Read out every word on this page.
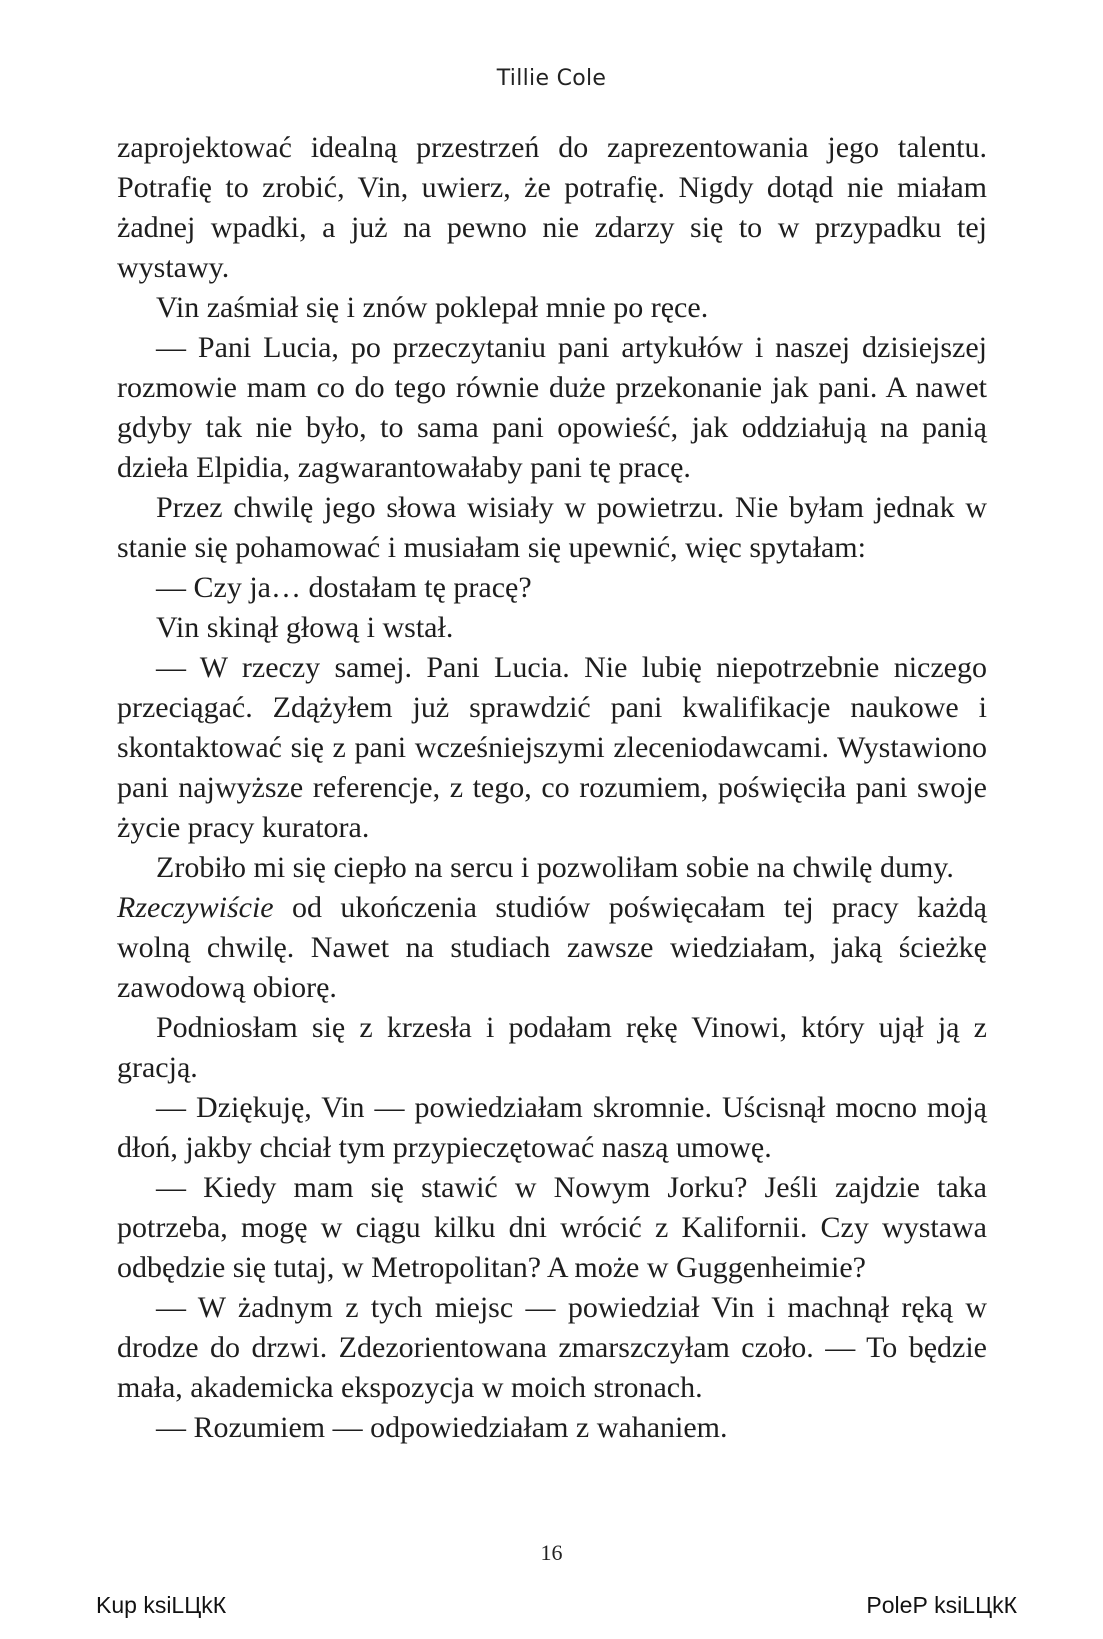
Tillie Cole

zaprojektować idealną przestrzeń do zaprezentowania jego talentu. Potrafię to zrobić, Vin, uwierz, że potrafię. Nigdy dotąd nie miałam żadnej wpadki, a już na pewno nie zdarzy się to w przypadku tej wystawy.

Vin zaśmiał się i znów poklepał mnie po ręce.

— Pani Lucia, po przeczytaniu pani artykułów i naszej dzisiejszej rozmowie mam co do tego równie duże przekonanie jak pani. A nawet gdyby tak nie było, to sama pani opowieść, jak oddziałują na panią dzieła Elpidia, zagwarantowałaby pani tę pracę.

Przez chwilę jego słowa wisiały w powietrzu. Nie byłam jednak w stanie się pohamować i musiałam się upewnić, więc spytałam:

— Czy ja… dostałam tę pracę?

Vin skinął głową i wstał.

— W rzeczy samej. Pani Lucia. Nie lubię niepotrzebnie niczego przeciągać. Zdążyłem już sprawdzić pani kwalifikacje naukowe i skontaktować się z pani wcześniejszymi zleceniodawcami. Wystawiono pani najwyższe referencje, z tego, co rozumiem, poświęciła pani swoje życie pracy kuratora.

Zrobiło mi się ciepło na sercu i pozwoliłam sobie na chwilę dumy.

Rzeczywiście od ukończenia studiów poświęcałam tej pracy każdą wolną chwilę. Nawet na studiach zawsze wiedziałam, jaką ścieżkę zawodową obiorę.

Podniosłam się z krzesła i podałam rękę Vinowi, który ujął ją z gracją.

— Dziękuję, Vin — powiedziałam skromnie. Uścisnął mocno moją dłoń, jakby chciał tym przypieczętować naszą umowę.

— Kiedy mam się stawić w Nowym Jorku? Jeśli zajdzie taka potrzeba, mogę w ciągu kilku dni wrócić z Kalifornii. Czy wystawa odbędzie się tutaj, w Metropolitan? A może w Guggenheimie?

— W żadnym z tych miejsc — powiedział Vin i machnął ręką w drodze do drzwi. Zdezorientowana zmarszczyłam czoło. — To będzie mała, akademicka ekspozycja w moich stronach.

— Rozumiem — odpowiedziałam z wahaniem.

16
Kup ksiLЦkК	PoleР ksiLЦkК
